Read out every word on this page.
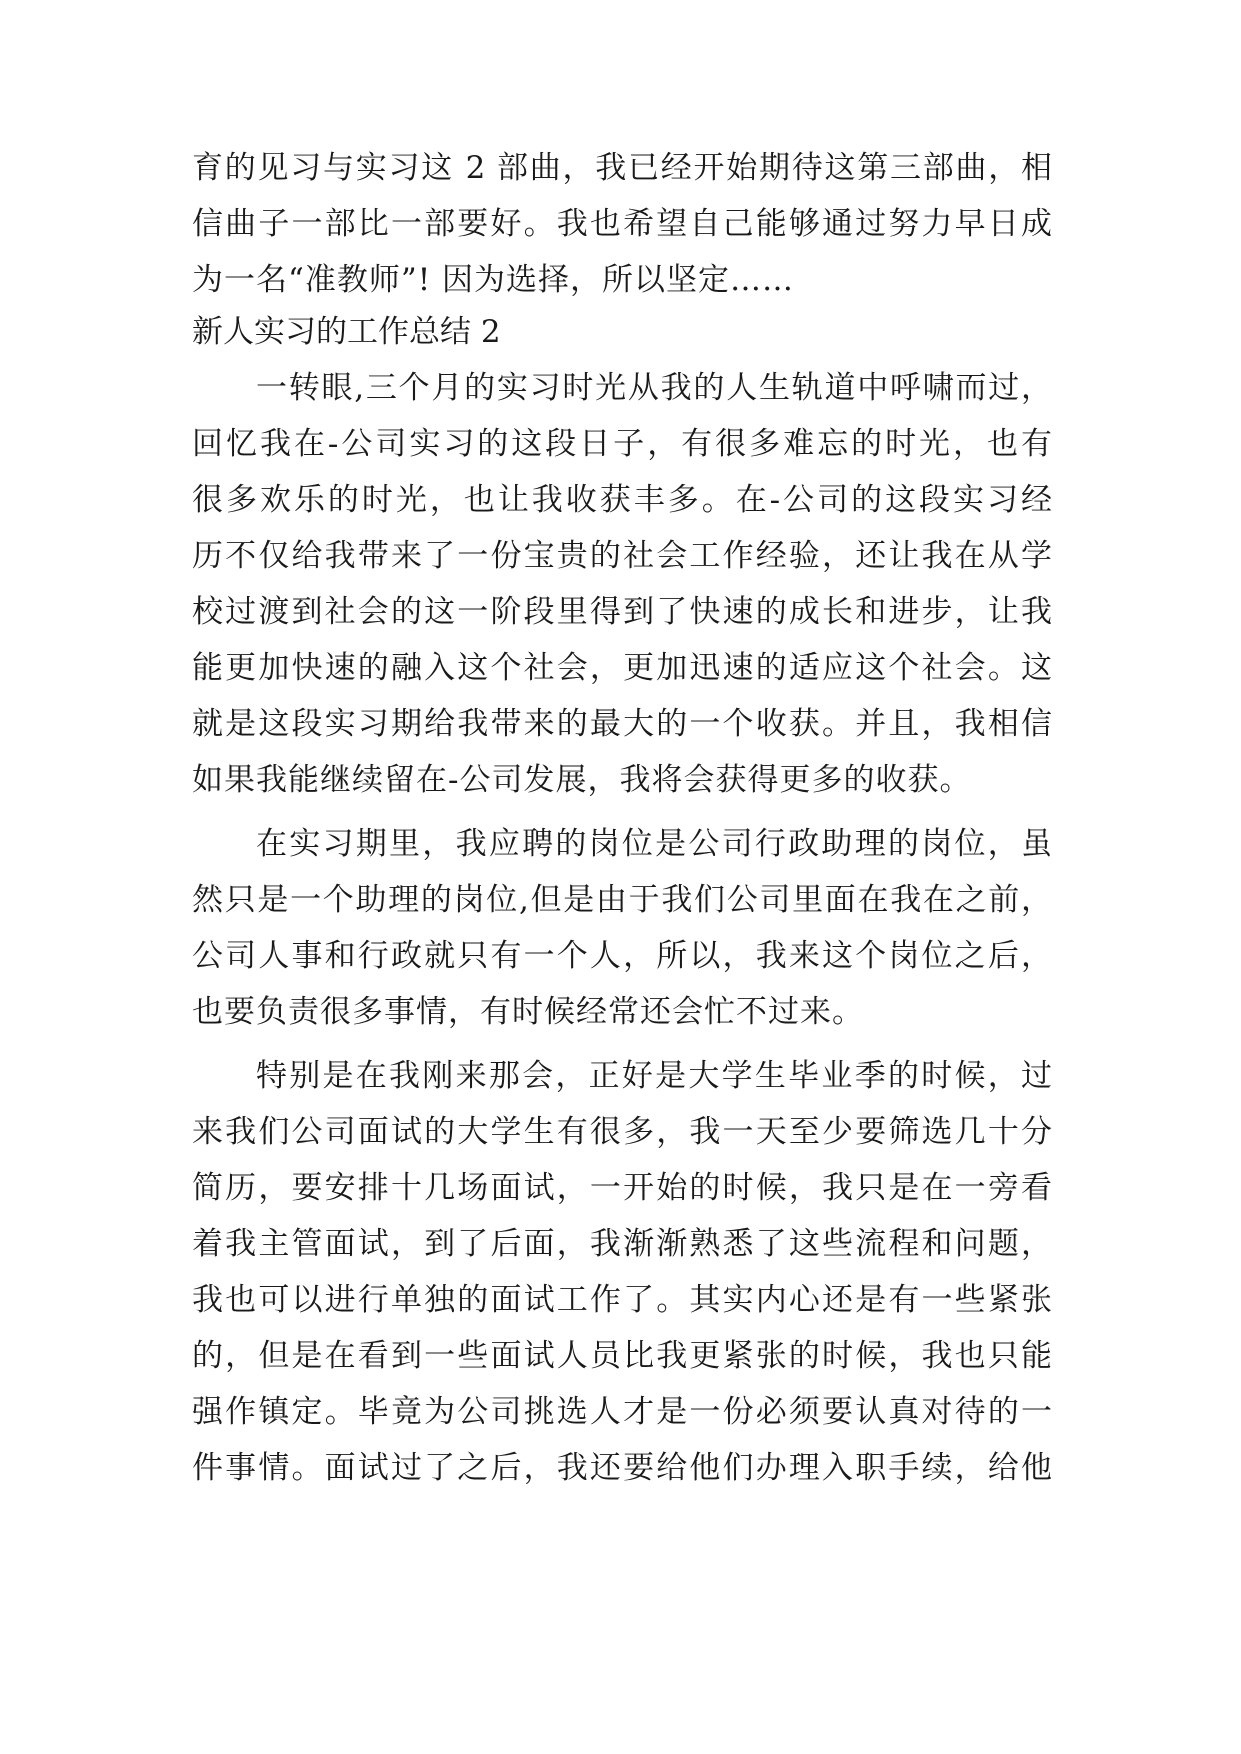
育的见习与实习这 2 部曲，我已经开始期待这第三部曲，相
信曲子一部比一部要好。我也希望自己能够通过努力早日成
为一名“准教师”! 因为选择，所以坚定……
新人实习的工作总结 2
一转眼,三个月的实习时光从我的人生轨道中呼啸而过，
回忆我在-公司实习的这段日子，有很多难忘的时光，也有
很多欢乐的时光，也让我收获丰多。在-公司的这段实习经
历不仅给我带来了一份宝贵的社会工作经验，还让我在从学
校过渡到社会的这一阶段里得到了快速的成长和进步，让我
能更加快速的融入这个社会，更加迅速的适应这个社会。这
就是这段实习期给我带来的最大的一个收获。并且，我相信
如果我能继续留在-公司发展，我将会获得更多的收获。
在实习期里，我应聘的岗位是公司行政助理的岗位，虽
然只是一个助理的岗位,但是由于我们公司里面在我在之前，
公司人事和行政就只有一个人，所以，我来这个岗位之后，
也要负责很多事情，有时候经常还会忙不过来。
特别是在我刚来那会，正好是大学生毕业季的时候，过
来我们公司面试的大学生有很多，我一天至少要筛选几十分
简历，要安排十几场面试，一开始的时候，我只是在一旁看
着我主管面试，到了后面，我渐渐熟悉了这些流程和问题，
我也可以进行单独的面试工作了。其实内心还是有一些紧张
的，但是在看到一些面试人员比我更紧张的时候，我也只能
强作镇定。毕竟为公司挑选人才是一份必须要认真对待的一
件事情。面试过了之后，我还要给他们办理入职手续，给他
